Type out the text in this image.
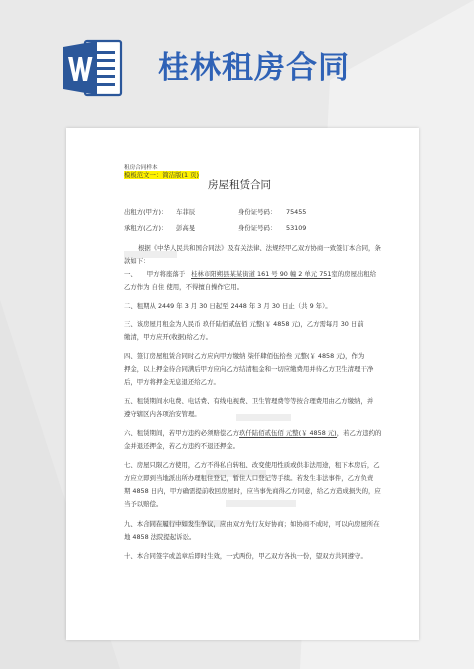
桂林租房合同
租房合同样本
模板范文一：简洁版(1 页)
房屋租赁合同
出租方(甲方)： 车菲辰	身份证号码： 75455
承租方(乙方)： 彭高旻	身份证号码： 53109
根据《中华人民共和国合同法》及有关法律、法规经甲乙双方协商一致签订本合同，条
款如下：
一、 甲方将座落于 桂林市阳朔县某某街道 161 号 90 幢 2 单元 751室的房屋出租给
乙方作为 自住 使用，不得擅自操作它用。
二、租期从 2449 年 3 月 30 日起至 2448 年 3 月 30 日止（共 9 年）。
三、该房屋月租金为人民币 玖仟陆佰贰伍佰 元整(￥ 4858 元)，乙方需每月 30 日前
缴清，甲方应开(收据)给乙方。
四、签订房屋租赁合同时乙方应向甲方缴纳 柒仟肆佰伍拾叁 元整(￥ 4858 元)，作为
押金，以上押金待合同满后甲方应向乙方结清租金和一切应缴费用并待乙方卫生清理干净
后，甲方将押金无息退还给乙方。
五、租赁期间水电费、电话费、有线电视费、卫生管理费等等按合理费用由乙方缴纳，并
遵守辖区内各项治安管理。
六、租赁期间，若甲方违约必须赔偿乙方玖仟陆佰贰伍佰 元整(￥ 4858 元)，若乙方违约的
金并退还押金，若乙方违约不退还押金。
七、房屋只限乙方使用，乙方不得私自转租、改变使用性质或供非法用途，租下本房后，乙
方应立即到当地派出所办理租住登记，暂住人口登记等手续。若发生非法事件，乙方负责
期 4858 日内，甲方确需提前收回房屋时，应当事先商得乙方同意，给乙方造成损失的，应
当予以赔偿。
九、本合同在履行中如发生争议，应由双方先行友好协商；如协商不成时，可以向房屋所在
地 4858 法院提起诉讼。
十、本合同签字或盖章后即时生效，一式两份，甲乙双方各执一份，望双方共同遵守。
